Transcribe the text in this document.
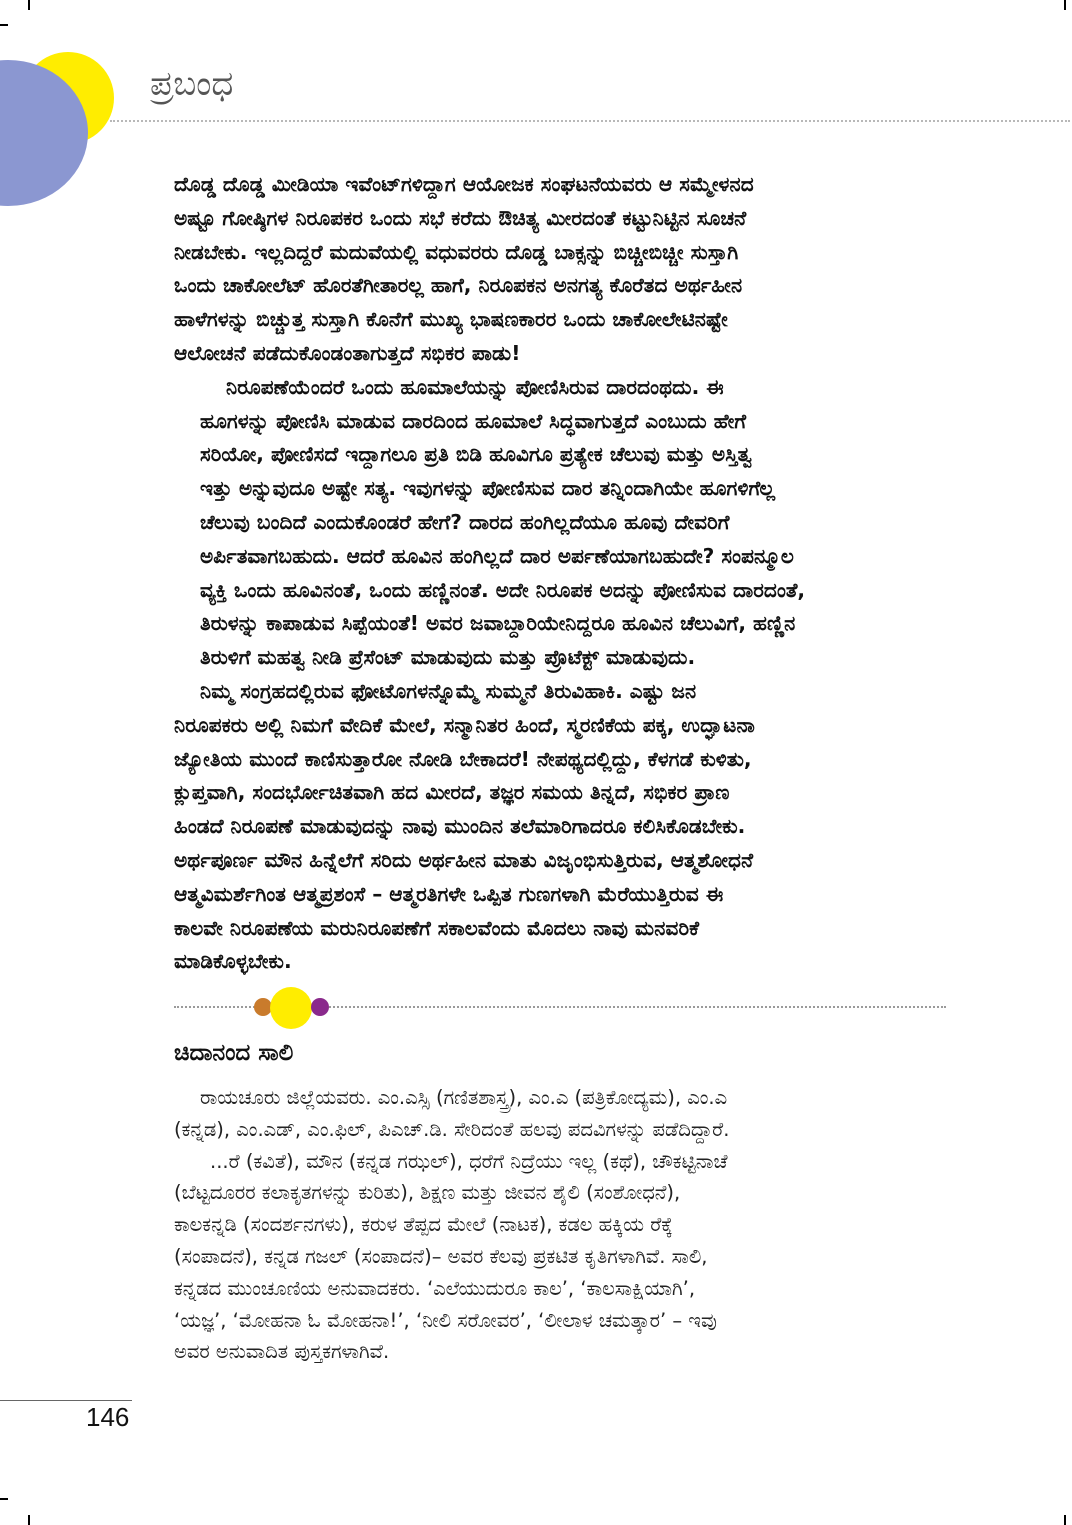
ಪ್ರಬಂಧ

ದೊಡ್ಡ ದೊಡ್ಡ ಮೀಡಿಯಾ ಇವೆಂಟ್‌ಗಳಿದ್ದಾಗ ಆಯೋಜಕ ಸಂಘಟನೆಯವರು ಆ ಸಮ್ಮೇಳನದ
ಅಷ್ಟೂ ಗೋಷ್ಠಿಗಳ ನಿರೂಪಕರ ಒಂದು ಸಭೆ ಕರೆದು ಔಚಿತ್ಯ ಮೀರದಂತೆ ಕಟ್ಟುನಿಟ್ಟಿನ ಸೂಚನೆ
ನೀಡಬೇಕು. ಇಲ್ಲದಿದ್ದರೆ ಮದುವೆಯಲ್ಲಿ ವಧುವರರು ದೊಡ್ಡ ಬಾಕ್ಸನ್ನು ಬಿಚ್ಚೀಬಿಚ್ಚೀ ಸುಸ್ತಾಗಿ
ಒಂದು ಚಾಕೋಲೆಟ್ ಹೊರತೆಗೀತಾರಲ್ಲ ಹಾಗೆ, ನಿರೂಪಕನ ಅನಗತ್ಯ ಕೊರೆತದ ಅರ್ಥಹೀನ
ಹಾಳೆಗಳನ್ನು ಬಿಚ್ಚುತ್ತ ಸುಸ್ತಾಗಿ ಕೊನೆಗೆ ಮುಖ್ಯ ಭಾಷಣಕಾರರ ಒಂದು ಚಾಕೋಲೇಟಿನಷ್ಟೇ
ಆಲೋಚನೆ ಪಡೆದುಕೊಂಡಂತಾಗುತ್ತದೆ ಸಭಿಕರ ಪಾಡು!

ನಿರೂಪಣೆಯೆಂದರೆ ಒಂದು ಹೂಮಾಲೆಯನ್ನು ಪೋಣಿಸಿರುವ ದಾರದಂಥದು. ಈ
ಹೂಗಳನ್ನು ಪೋಣಿಸಿ ಮಾಡುವ ದಾರದಿಂದ ಹೂಮಾಲೆ ಸಿದ್ಧವಾಗುತ್ತದೆ ಎಂಬುದು ಹೇಗೆ
ಸರಿಯೋ, ಪೋಣಿಸದೆ ಇದ್ದಾಗಲೂ ಪ್ರತಿ ಬಿಡಿ ಹೂವಿಗೂ ಪ್ರತ್ಯೇಕ ಚೆಲುವು ಮತ್ತು ಅಸ್ತಿತ್ವ
ಇತ್ತು ಅನ್ನುವುದೂ ಅಷ್ಟೇ ಸತ್ಯ. ಇವುಗಳನ್ನು ಪೋಣಿಸುವ ದಾರ ತನ್ನಿಂದಾಗಿಯೇ ಹೂಗಳಿಗೆಲ್ಲ
ಚೆಲುವು ಬಂದಿದೆ ಎಂದುಕೊಂಡರೆ ಹೇಗೆ? ದಾರದ ಹಂಗಿಲ್ಲದೆಯೂ ಹೂವು ದೇವರಿಗೆ
ಅರ್ಪಿತವಾಗಬಹುದು. ಆದರೆ ಹೂವಿನ ಹಂಗಿಲ್ಲದೆ ದಾರ ಅರ್ಪಣೆಯಾಗಬಹುದೇ? ಸಂಪನ್ಮೂಲ
ವ್ಯಕ್ತಿ ಒಂದು ಹೂವಿನಂತೆ, ಒಂದು ಹಣ್ಣಿನಂತೆ. ಅದೇ ನಿರೂಪಕ ಅದನ್ನು ಪೋಣಿಸುವ ದಾರದಂತೆ,
ತಿರುಳನ್ನು ಕಾಪಾಡುವ ಸಿಪ್ಪೆಯಂತೆ! ಅವರ ಜವಾಬ್ದಾರಿಯೇನಿದ್ದರೂ ಹೂವಿನ ಚೆಲುವಿಗೆ, ಹಣ್ಣಿನ
ತಿರುಳಿಗೆ ಮಹತ್ವ ನೀಡಿ ಪ್ರೆಸೆಂಟ್ ಮಾಡುವುದು ಮತ್ತು ಪ್ರೊಟೆಕ್ಟ್ ಮಾಡುವುದು.

ನಿಮ್ಮ ಸಂಗ್ರಹದಲ್ಲಿರುವ ಫೋಟೊಗಳನ್ನೊಮ್ಮೆ ಸುಮ್ಮನೆ ತಿರುವಿಹಾಕಿ. ಎಷ್ಟು ಜನ
ನಿರೂಪಕರು ಅಲ್ಲಿ ನಿಮಗೆ ವೇದಿಕೆ ಮೇಲೆ, ಸನ್ಮಾನಿತರ ಹಿಂದೆ, ಸ್ಮರಣಿಕೆಯ ಪಕ್ಕ, ಉದ್ಘಾಟನಾ
ಜ್ಯೋತಿಯ ಮುಂದೆ ಕಾಣಿಸುತ್ತಾರೋ ನೋಡಿ ಬೇಕಾದರೆ! ನೇಪಥ್ಯದಲ್ಲಿದ್ದು, ಕೆಳಗಡೆ ಕುಳಿತು,
ಕ್ಲುಪ್ತವಾಗಿ, ಸಂದರ್ಭೋಚಿತವಾಗಿ ಹದ ಮೀರದೆ, ತಜ್ಞರ ಸಮಯ ತಿನ್ನದೆ, ಸಭಿಕರ ಪ್ರಾಣ
ಹಿಂಡದೆ ನಿರೂಪಣೆ ಮಾಡುವುದನ್ನು ನಾವು ಮುಂದಿನ ತಲೆಮಾರಿಗಾದರೂ ಕಲಿಸಿಕೊಡಬೇಕು.
ಅರ್ಥಪೂರ್ಣ ಮೌನ ಹಿನ್ನೆಲೆಗೆ ಸರಿದು ಅರ್ಥಹೀನ ಮಾತು ವಿಜೃಂಭಿಸುತ್ತಿರುವ, ಆತ್ಮಶೋಧನೆ
ಆತ್ಮವಿಮರ್ಶೆಗಿಂತ ಆತ್ಮಪ್ರಶಂಸೆ – ಆತ್ಮರತಿಗಳೇ ಒಪ್ಪಿತ ಗುಣಗಳಾಗಿ ಮೆರೆಯುತ್ತಿರುವ ಈ
ಕಾಲವೇ ನಿರೂಪಣೆಯ ಮರುನಿರೂಪಣೆಗೆ ಸಕಾಲವೆಂದು ಮೊದಲು ನಾವು ಮನವರಿಕೆ
ಮಾಡಿಕೊಳ್ಳಬೇಕು.

ಚಿದಾನಂದ ಸಾಲಿ

ರಾಯಚೂರು ಜಿಲ್ಲೆಯವರು. ಎಂ.ಎಸ್ಸಿ (ಗಣಿತಶಾಸ್ತ್ರ), ಎಂ.ಎ (ಪತ್ರಿಕೋದ್ಯಮ), ಎಂ.ಎ
(ಕನ್ನಡ), ಎಂ.ಎಡ್, ಎಂ.ಫಿಲ್, ಪಿಎಚ್.ಡಿ. ಸೇರಿದಂತೆ ಹಲವು ಪದವಿಗಳನ್ನು ಪಡೆದಿದ್ದಾರೆ.

...ರೆ (ಕವಿತೆ), ಮೌನ (ಕನ್ನಡ ಗಝಲ್), ಧರೆಗೆ ನಿದ್ರೆಯು ಇಲ್ಲ (ಕಥೆ), ಚೌಕಟ್ಟಿನಾಚೆ
(ಬೆಟ್ಟದೂರರ ಕಲಾಕೃತಗಳನ್ನು ಕುರಿತು), ಶಿಕ್ಷಣ ಮತ್ತು ಜೀವನ ಶೈಲಿ (ಸಂಶೋಧನೆ),
ಕಾಲಕನ್ನಡಿ (ಸಂದರ್ಶನಗಳು), ಕರುಳ ತೆಪ್ಪದ ಮೇಲೆ (ನಾಟಕ), ಕಡಲ ಹಕ್ಕಿಯ ರೆಕ್ಕೆ
(ಸಂಪಾದನೆ), ಕನ್ನಡ ಗಜಲ್ (ಸಂಪಾದನೆ)– ಅವರ ಕೆಲವು ಪ್ರಕಟಿತ ಕೃತಿಗಳಾಗಿವೆ. ಸಾಲಿ,
ಕನ್ನಡದ ಮುಂಚೂಣಿಯ ಅನುವಾದಕರು. ‘ಎಲೆಯುದುರೂ ಕಾಲ’, ‘ಕಾಲಸಾಕ್ಷಿಯಾಗಿ’,
‘ಯಜ್ಞ’, ‘ಮೋಹನಾ ಓ ಮೋಹನಾ!’, ‘ನೀಲಿ ಸರೋವರ’, ‘ಲೀಲಾಳ ಚಮತ್ಕಾರ’ – ಇವು
ಅವರ ಅನುವಾದಿತ ಪುಸ್ತಕಗಳಾಗಿವೆ.

146
